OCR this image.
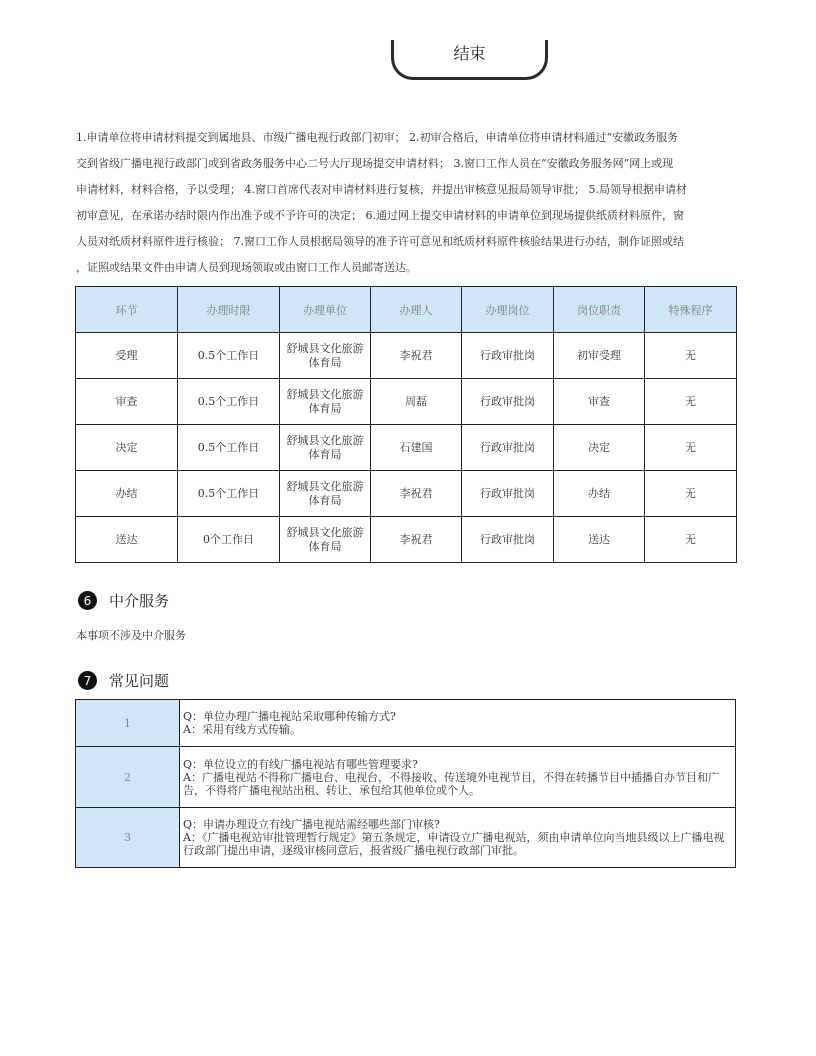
结束
1.申请单位将申请材料提交到属地县、市级广播电视行政部门初审； 2.初审合格后，申请单位将申请材料通过“安徽政务服务
交到省级广播电视行政部门或到省政务服务中心二号大厅现场提交申请材料； 3.窗口工作人员在“安徽政务服务网”网上或现
申请材料，材料合格，予以受理； 4.窗口首席代表对申请材料进行复核，并提出审核意见报局领导审批； 5.局领导根据申请材
初审意见，在承诺办结时限内作出准予或不予许可的决定； 6.通过网上提交申请材料的申请单位到现场提供纸质材料原件，窗
人员对纸质材料原件进行核验； 7.窗口工作人员根据局领导的准予许可意见和纸质材料原件核验结果进行办结，制作证照或结
，证照或结果文件由申请人员到现场领取或由窗口工作人员邮寄送达。
环节	办理时限	办理单位	办理人	办理岗位	岗位职责	特殊程序
受理	0.5个工作日	舒城县文化旅游体育局	李祝君	行政审批岗	初审受理	无
审查	0.5个工作日	舒城县文化旅游体育局	周磊	行政审批岗	审查	无
决定	0.5个工作日	舒城县文化旅游体育局	石建国	行政审批岗	决定	无
办结	0.5个工作日	舒城县文化旅游体育局	李祝君	行政审批岗	办结	无
送达	0个工作日	舒城县文化旅游体育局	李祝君	行政审批岗	送达	无
6	中介服务
本事项不涉及中介服务
7	常见问题
1	Q：单位办理广播电视站采取哪种传输方式?
A：采用有线方式传输。

2	Q：单位设立的有线广播电视站有哪些管理要求?
A：广播电视站不得称广播电台、电视台，不得接收、传送境外电视节目，不得在转播节目中插播自办节目和广告，不得将广播电视站出租、转让、承包给其他单位或个人。

3	Q：申请办理设立有线广播电视站需经哪些部门审核?
A：《广播电视站审批管理暂行规定》第五条规定，申请设立广播电视站，须由申请单位向当地县级以上广播电视行政部门提出申请，逐级审核同意后，报省级广播电视行政部门审批。
